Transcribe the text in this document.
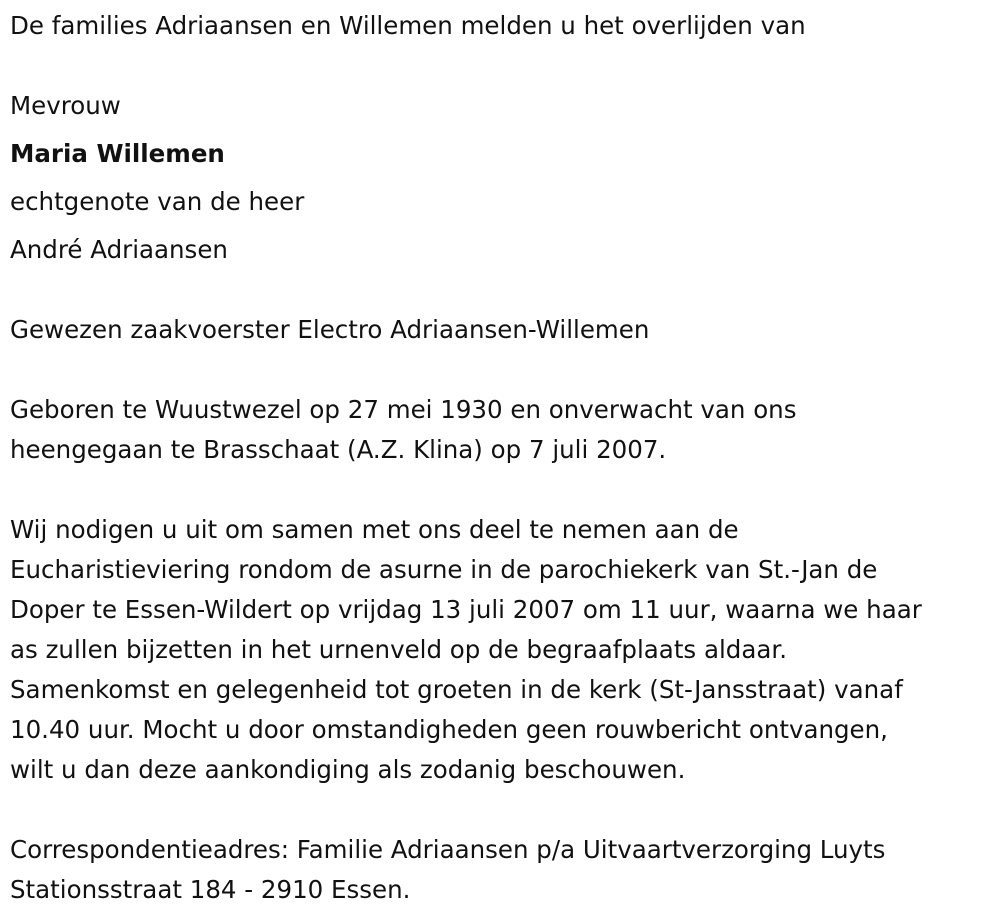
De families Adriaansen en Willemen melden u het overlijden van
Mevrouw
Maria Willemen
echtgenote van de heer
André Adriaansen
Gewezen zaakvoerster Electro Adriaansen-Willemen
Geboren te Wuustwezel op 27 mei 1930 en onverwacht van ons
heengegaan te Brasschaat (A.Z. Klina) op 7 juli 2007.
Wij nodigen u uit om samen met ons deel te nemen aan de
Eucharistieviering rondom de asurne in de parochiekerk van St.-Jan de
Doper te Essen-Wildert op vrijdag 13 juli 2007 om 11 uur, waarna we haar
as zullen bijzetten in het urnenveld op de begraafplaats aldaar.
Samenkomst en gelegenheid tot groeten in de kerk (St-Jansstraat) vanaf
10.40 uur. Mocht u door omstandigheden geen rouwbericht ontvangen,
wilt u dan deze aankondiging als zodanig beschouwen.
Correspondentieadres: Familie Adriaansen p/a Uitvaartverzorging Luyts
Stationsstraat 184 - 2910 Essen.
